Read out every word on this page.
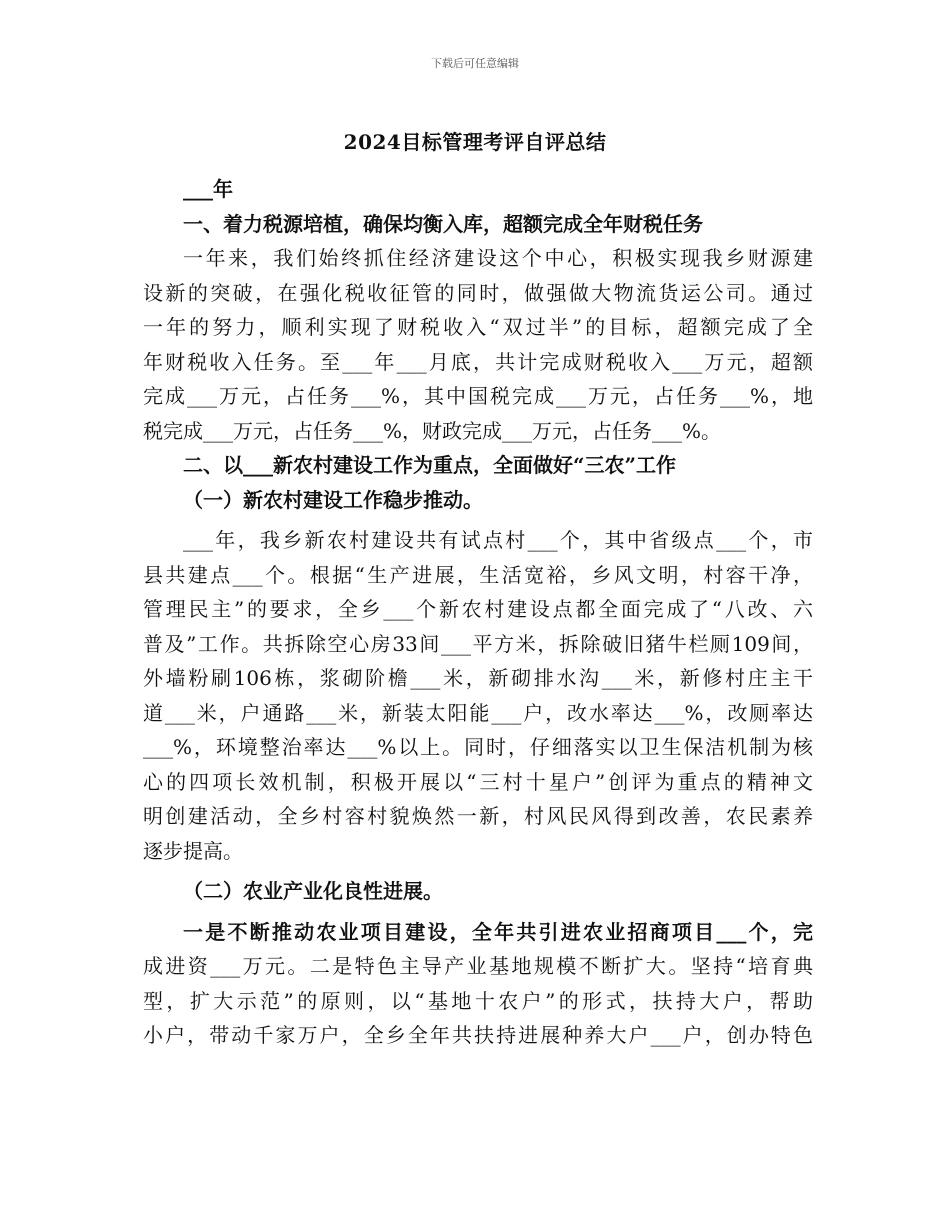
下载后可任意编辑
2024目标管理考评自评总结
___年
一、着力税源培植，确保均衡入库，超额完成全年财税任务
一年来，我们始终抓住经济建设这个中心，积极实现我乡财源建
设新的突破，在强化税收征管的同时，做强做大物流货运公司。通过
一年的努力，顺利实现了财税收入“双过半”的目标，超额完成了全
年财税收入任务。至___年___月底，共计完成财税收入___万元，超额
完成___万元，占任务___%，其中国税完成___万元，占任务___%，地
税完成___万元，占任务___%，财政完成___万元，占任务___%。
二、以___新农村建设工作为重点，全面做好“三农”工作
（一）新农村建设工作稳步推动。
___年，我乡新农村建设共有试点村___个，其中省级点___个，市
县共建点___个。根据“生产进展，生活宽裕，乡风文明，村容干净，
管理民主”的要求，全乡___个新农村建设点都全面完成了“八改、六
普及”工作。共拆除空心房33间___平方米，拆除破旧猪牛栏厕109间，
外墙粉刷106栋，浆砌阶檐___米，新砌排水沟___米，新修村庄主干
道___米，户通路___米，新装太阳能___户，改水率达___%，改厕率达
___%，环境整治率达___%以上。同时，仔细落实以卫生保洁机制为核
心的四项长效机制，积极开展以“三村十星户”创评为重点的精神文
明创建活动，全乡村容村貌焕然一新，村风民风得到改善，农民素养
逐步提高。
（二）农业产业化良性进展。
一是不断推动农业项目建设，全年共引进农业招商项目___个，完
成进资___万元。二是特色主导产业基地规模不断扩大。坚持“培育典
型，扩大示范”的原则，以“基地十农户”的形式，扶持大户，帮助
小户，带动千家万户，全乡全年共扶持进展种养大户___户，创办特色
